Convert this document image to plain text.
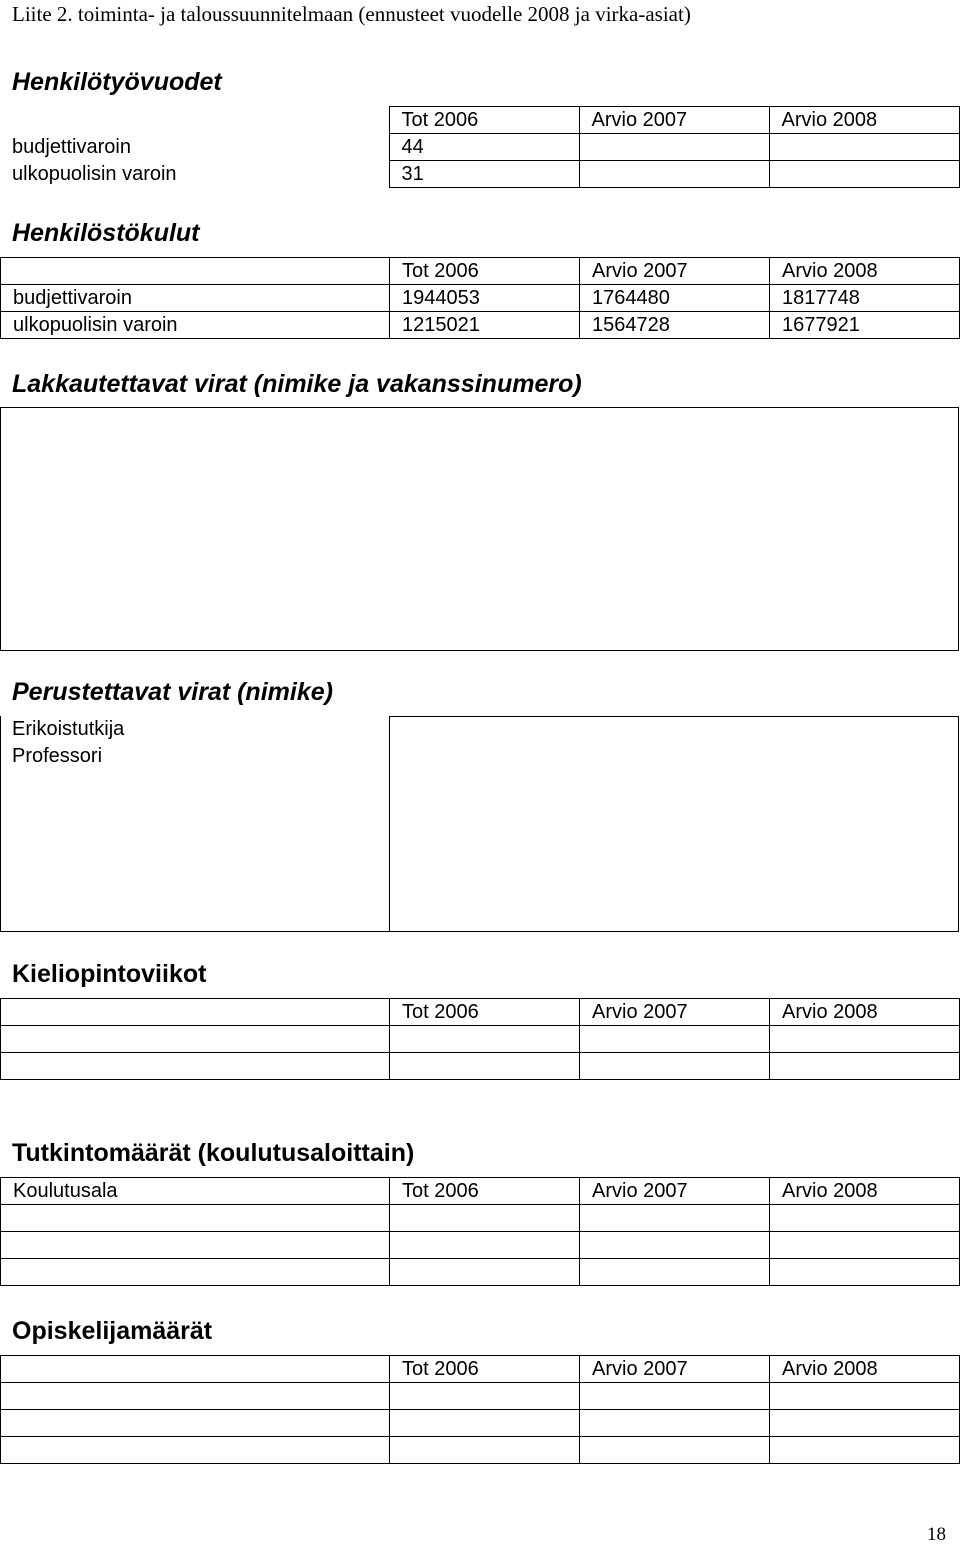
Liite 2. toiminta- ja taloussuunnitelmaan (ennusteet vuodelle 2008 ja virka-asiat)
Henkilötyövuodet
	Tot 2006	Arvio 2007	Arvio 2008
budjettivaroin	44		
ulkopuolisin varoin	31		
Henkilöstökulut
	Tot 2006	Arvio 2007	Arvio 2008
budjettivaroin	1944053	1764480	1817748
ulkopuolisin varoin	1215021	1564728	1677921
Lakkautettavat virat (nimike ja vakanssinumero)
Perustettavat virat (nimike)
Erikoistutkija
Professori
Kieliopintoviikot
	Tot 2006	Arvio 2007	Arvio 2008

Tutkintomäärät (koulutusaloittain)
Koulutusala	Tot 2006	Arvio 2007	Arvio 2008

Opiskelijamäärät
	Tot 2006	Arvio 2007	Arvio 2008

18
